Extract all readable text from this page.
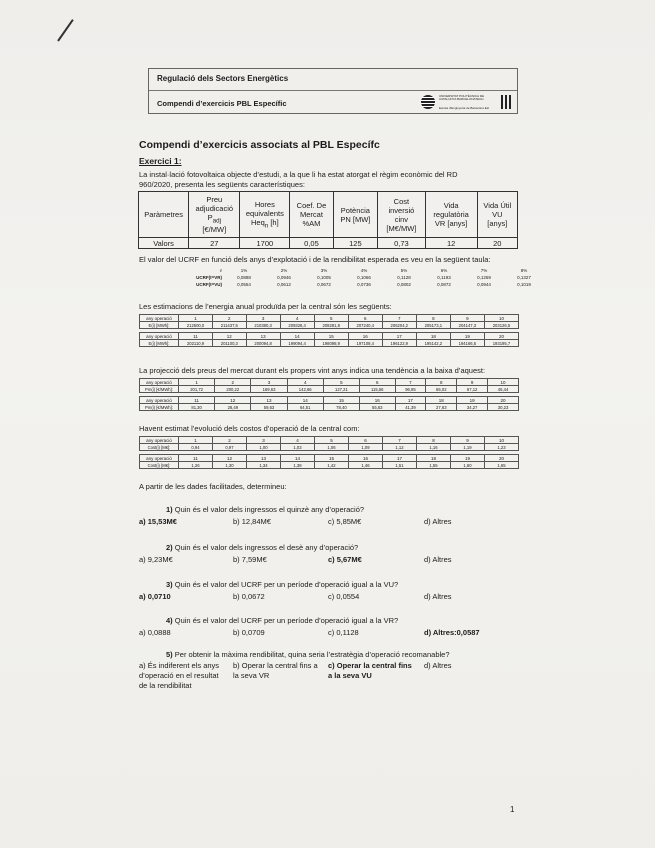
Regulació dels Sectors Energètics
Compendi d’exercicis PBL Específic
UNIVERSITAT POLITÈCNICA DE CATALUNYA BARCELONATECH
Escola d’Enginyeria de Barcelona Est
Compendi d’exercicis associats al PBL Específc
Exercici 1:
La instal·lació fotovoltaica objecte d’estudi, a la que li ha estat atorgat el règim econòmic del RD
960/2020, presenta les següents característiques:
Paràmetres	Preu
adjudicació
$P_{adj}$
[€/MW]	Hores
equivalents
Heq$_n$ [h]	Coef. De
Mercat
%AM	Potència
PN [MW]	Cost
inversió
cinv
[M€/MW]	Vida
regulatòria
VR [anys]	Vida Útil
VU
[anys]
Valors	27	1700	0,05	125	0,73	12	20
El valor del UCRF en funció dels anys d’explotació i de la rendibilitat esperada es veu en la següent taula:
r	1%	2%	3%	4%	5%	6%	7%	8%
UCRF(t=VR)	0,0888	0,0946	0,1005	0,1066	0,1128	0,1193	0,1259	0,1327
UCRF(t=VU)	0,0554	0,0612	0,0672	0,0736	0,0802	0,0872	0,0944	0,1019
Les estimacions de l’energia anual produïda per la central són les següents:
any operació	1	2	3	4	5	6	7	8	9	10
E(i) [MWh]:	212500,0	211437,5	210380,3	209328,4	208281,8	207240,4	206204,2	205173,1	204147,3	203126,5

any operació	11	12	13	14	15	16	17	18	19	20
E(i) [MWh]:	202110,9	201100,3	200094,8	199094,4	198098,9	197108,4	196122,9	195142,2	194166,5	193195,7
La projecció dels preus del mercat durant els propers vint anys indica una tendència a la baixa d’aquest:
any operació	1	2	3	4	5	6	7	8	9	10
Pm(i) [€/MWh]:	201,72	200,22	169,63	142,66	127,21	115,56	96,95	65,02	67,12	45,44

any operació	11	12	13	14	15	16	17	18	19	20
Pm(i) [€/MWh]:	81,30	28,49	59,63	64,51	78,40	55,63	41,39	27,63	34,27	30,23
Havent estimat l’evolució dels costos d’operació de la central com:
any operació	1	2	3	4	5	6	7	8	9	10
Cost(i) [M€]:	0,94	0,97	1,00	1,03	1,06	1,09	1,12	1,16	1,19	1,23

any operació	11	12	13	14	15	16	17	18	19	20
Cost(i) [M€]:	1,26	1,30	1,34	1,38	1,42	1,46	1,51	1,55	1,60	1,65
A partir de les dades facilitades, determineu:
1) Quin és el valor dels ingressos el quinzè any d’operació?
a) 15,53M€	b) 12,84M€	c) 5,85M€	d) Altres
2) Quin és el valor dels ingressos el desè any d’operació?
a) 9,23M€	b) 7,59M€	c) 5,67M€	d) Altres
3) Quin és el valor del UCRF per un període d’operació igual a la VU?
a) 0,0710	b) 0,0672	c) 0,0554	d) Altres
4) Quin és el valor del UCRF per un període d’operació igual a la VR?
a) 0,0888	b) 0,0709	c) 0,1128	d) Altres:0,0587
5) Per obtenir la màxima rendibilitat, quina seria l’estratègia d’operació recomanable?
a) És indiferent els anys d’operació en el resultat de la rendibilitat
b) Operar la central fins a la seva VR
c) Operar la central fins a la seva VU
d) Altres
1
